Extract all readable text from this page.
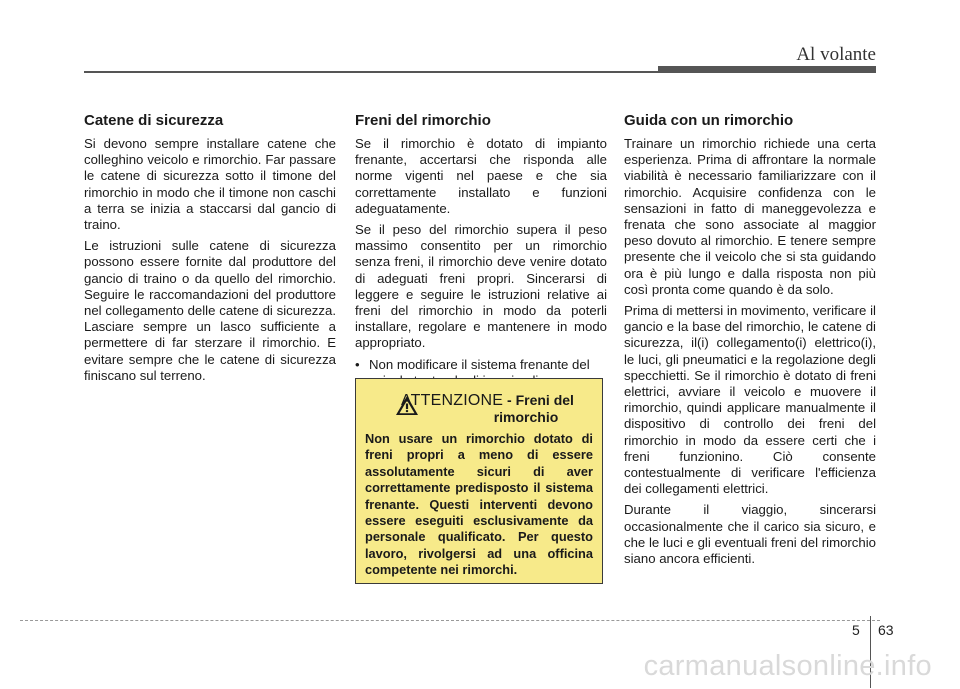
Al volante
Catene di sicurezza

Si devono sempre installare catene che colleghino veicolo e rimorchio. Far passare le catene di sicurezza sotto il timone del rimorchio in modo che il timone non caschi a terra se inizia a staccarsi dal gancio di traino.

Le istruzioni sulle catene di sicurezza possono essere fornite dal produttore del gancio di traino o da quello del rimorchio. Seguire le raccomandazioni del produttore nel collegamento delle catene di sicurezza. Lasciare sempre un lasco sufficiente a permettere di far sterzare il rimorchio. E evitare sempre che le catene di sicurezza finiscano sul terreno.

Freni del rimorchio

Se il rimorchio è dotato di impianto frenante, accertarsi che risponda alle norme vigenti nel paese e che sia correttamente installato e funzioni adeguatamente.

Se il peso del rimorchio supera il peso massimo consentito per un rimorchio senza freni, il rimorchio deve venire dotato di adeguati freni propri. Sincerarsi di leggere e seguire le istruzioni relative ai freni del rimorchio in modo da poterli installare, regolare e mantenere in modo appropriato.

• Non modificare il sistema frenante del
ATTENZIONE - Freni del
rimorchio
Non usare un rimorchio dotato di freni propri a meno di essere assolutamente sicuri di aver correttamente predisposto il sistema frenante. Questi interventi devono essere eseguiti esclusivamente da personale qualificato. Per questo lavoro, rivolgersi ad una officina competente nei rimorchi.
Guida con un rimorchio

Trainare un rimorchio richiede una certa esperienza. Prima di affrontare la normale viabilità è necessario familiarizzare con il rimorchio. Acquisire confidenza con le sensazioni in fatto di maneggevolezza e frenata che sono associate al maggior peso dovuto al rimorchio. E tenere sempre presente che il veicolo che si sta guidando ora è più lungo e dalla risposta non più così pronta come quando è da solo.

Prima di mettersi in movimento, verificare il gancio e la base del rimorchio, le catene di sicurezza, il(i) collegamento(i) elettrico(i), le luci, gli pneumatici e la regolazione degli specchietti. Se il rimorchio è dotato di freni elettrici, avviare il veicolo e muovere il rimorchio, quindi applicare manualmente il dispositivo di controllo dei freni del rimorchio in modo da essere certi che i freni funzionino. Ciò consente contestualmente di verificare l'efficienza dei collegamenti elettrici.

Durante il viaggio, sincerarsi occasionalmente che il carico sia sicuro, e che le luci e gli eventuali freni del rimorchio siano ancora efficienti.

5 63
carmanualsonline.info
